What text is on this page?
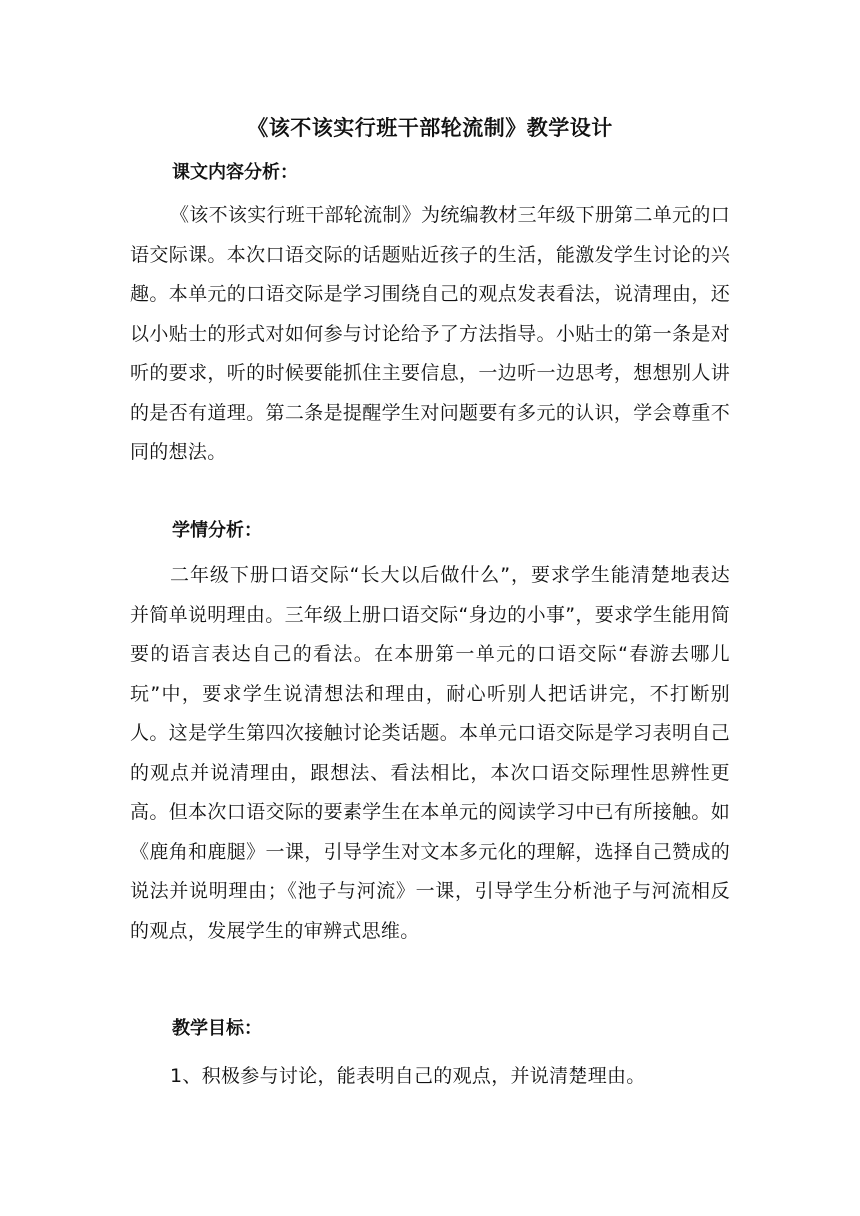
《该不该实行班干部轮流制》教学设计
课文内容分析：

《该不该实行班干部轮流制》为统编教材三年级下册第二单元的口语交际课。本次口语交际的话题贴近孩子的生活，能激发学生讨论的兴趣。本单元的口语交际是学习围绕自己的观点发表看法，说清理由，还以小贴士的形式对如何参与讨论给予了方法指导。小贴士的第一条是对听的要求，听的时候要能抓住主要信息，一边听一边思考，想想别人讲的是否有道理。第二条是提醒学生对问题要有多元的认识，学会尊重不同的想法。

学情分析：

二年级下册口语交际“长大以后做什么”，要求学生能清楚地表达并简单说明理由。三年级上册口语交际“身边的小事”，要求学生能用简要的语言表达自己的看法。在本册第一单元的口语交际“春游去哪儿玩”中，要求学生说清想法和理由，耐心听别人把话讲完，不打断别人。这是学生第四次接触讨论类话题。本单元口语交际是学习表明自己的观点并说清理由，跟想法、看法相比，本次口语交际理性思辨性更高。但本次口语交际的要素学生在本单元的阅读学习中已有所接触。如《鹿角和鹿腿》一课，引导学生对文本多元化的理解，选择自己赞成的说法并说明理由；《池子与河流》一课，引导学生分析池子与河流相反的观点，发展学生的审辨式思维。

教学目标：

1、积极参与讨论，能表明自己的观点，并说清楚理由。
